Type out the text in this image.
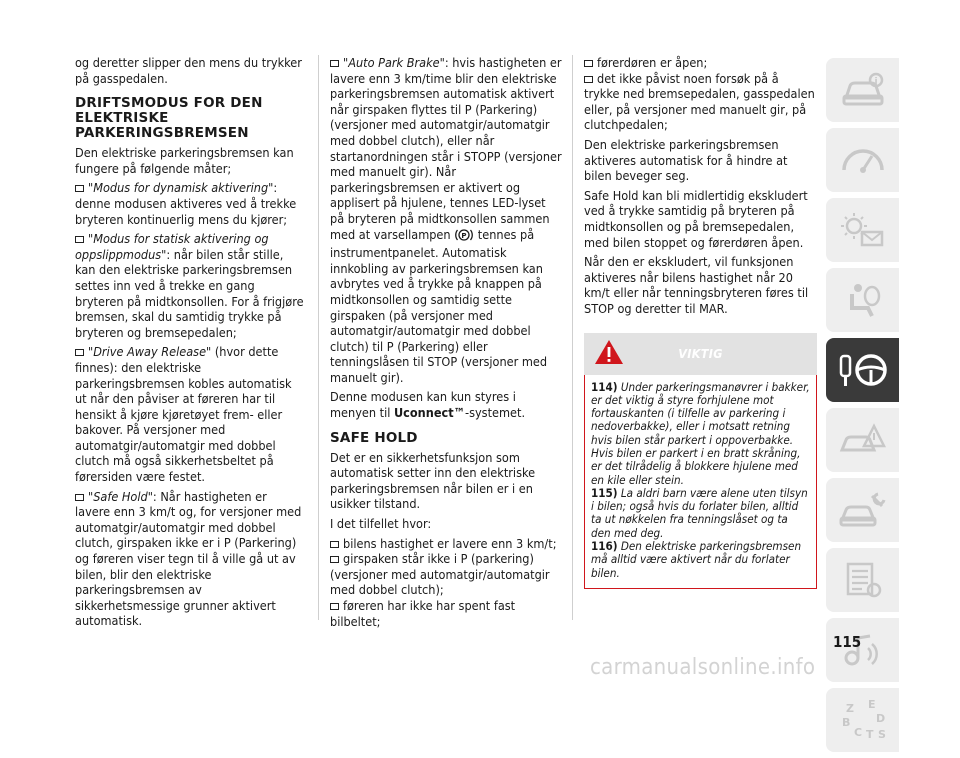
og deretter slipper den mens du trykker på gasspedalen.

DRIFTSMODUS FOR DEN ELEKTRISKE PARKERINGSBREMSEN

Den elektriske parkeringsbremsen kan fungere på følgende måter;

"Modus for dynamisk aktivering": denne modusen aktiveres ved å trekke bryteren kontinuerlig mens du kjører;

"Modus for statisk aktivering og oppslippmodus": når bilen står stille, kan den elektriske parkeringsbremsen settes inn ved å trekke en gang bryteren på midtkonsollen. For å frigjøre bremsen, skal du samtidig trykke på bryteren og bremsepedalen;

"Drive Away Release" (hvor dette finnes): den elektriske parkeringsbremsen kobles automatisk ut når den påviser at føreren har til hensikt å kjøre kjøretøyet frem- eller bakover. På versjoner med automatgir/automatgir med dobbel clutch må også sikkerhetsbeltet på førersiden være festet.

"Safe Hold": Når hastigheten er lavere enn 3 km/t og, for versjoner med automatgir/automatgir med dobbel clutch, girspaken ikke er i P (Parkering) og føreren viser tegn til å ville gå ut av bilen, blir den elektriske parkeringsbremsen av sikkerhetsmessige grunner aktivert automatisk.

"Auto Park Brake": hvis hastigheten er lavere enn 3 km/time blir den elektriske parkeringsbremsen automatisk aktivert når girspaken flyttes til P (Parkering) (versjoner med automatgir/automatgir med dobbel clutch), eller når startanordningen står i STOPP (versjoner med manuelt gir). Når parkeringsbremsen er aktivert og applisert på hjulene, tennes LED-lyset på bryteren på midtkonsollen sammen med at varsellampen P tennes på instrumentpanelet. Automatisk innkobling av parkeringsbremsen kan avbrytes ved å trykke på knappen på midtkonsollen og samtidig sette girspaken (på versjoner med automatgir/automatgir med dobbel clutch) til P (Parkering) eller tenningslåsen til STOP (versjoner med manuelt gir).

Denne modusen kan kun styres i menyen til Uconnect™-systemet.

SAFE HOLD

Det er en sikkerhetsfunksjon som automatisk setter inn den elektriske parkeringsbremsen når bilen er i en usikker tilstand.

I det tilfellet hvor:

bilens hastighet er lavere enn 3 km/t;

girspaken står ikke i P (parkering) (versjoner med automatgir/automatgir med dobbel clutch);

føreren har ikke har spent fast bilbeltet;

førerdøren er åpen;

det ikke påvist noen forsøk på å trykke ned bremsepedalen, gasspedalen eller, på versjoner med manuelt gir, på clutchpedalen;

Den elektriske parkeringsbremsen aktiveres automatisk for å hindre at bilen beveger seg.

Safe Hold kan bli midlertidig ekskludert ved å trykke samtidig på bryteren på midtkonsollen og på bremsepedalen, med bilen stoppet og førerdøren åpen.

Når den er ekskludert, vil funksjonen aktiveres når bilens hastighet når 20 km/t eller når tenningsbryteren føres til STOP og deretter til MAR.

VIKTIG

114) Under parkeringsmanøvrer i bakker, er det viktig å styre forhjulene mot fortauskanten (i tilfelle av parkering i nedoverbakke), eller i motsatt retning hvis bilen står parkert i oppoverbakke. Hvis bilen er parkert i en bratt skråning, er det tilrådelig å blokkere hjulene med en kile eller stein.

115) La aldri barn være alene uten tilsyn i bilen; også hvis du forlater bilen, alltid ta ut nøkkelen fra tenningslåset og ta den med deg.

116) Den elektriske parkeringsbremsen må alltid være aktivert når du forlater bilen.

i
Z E
B
C
D
T S
115
carmanualsonline.info
